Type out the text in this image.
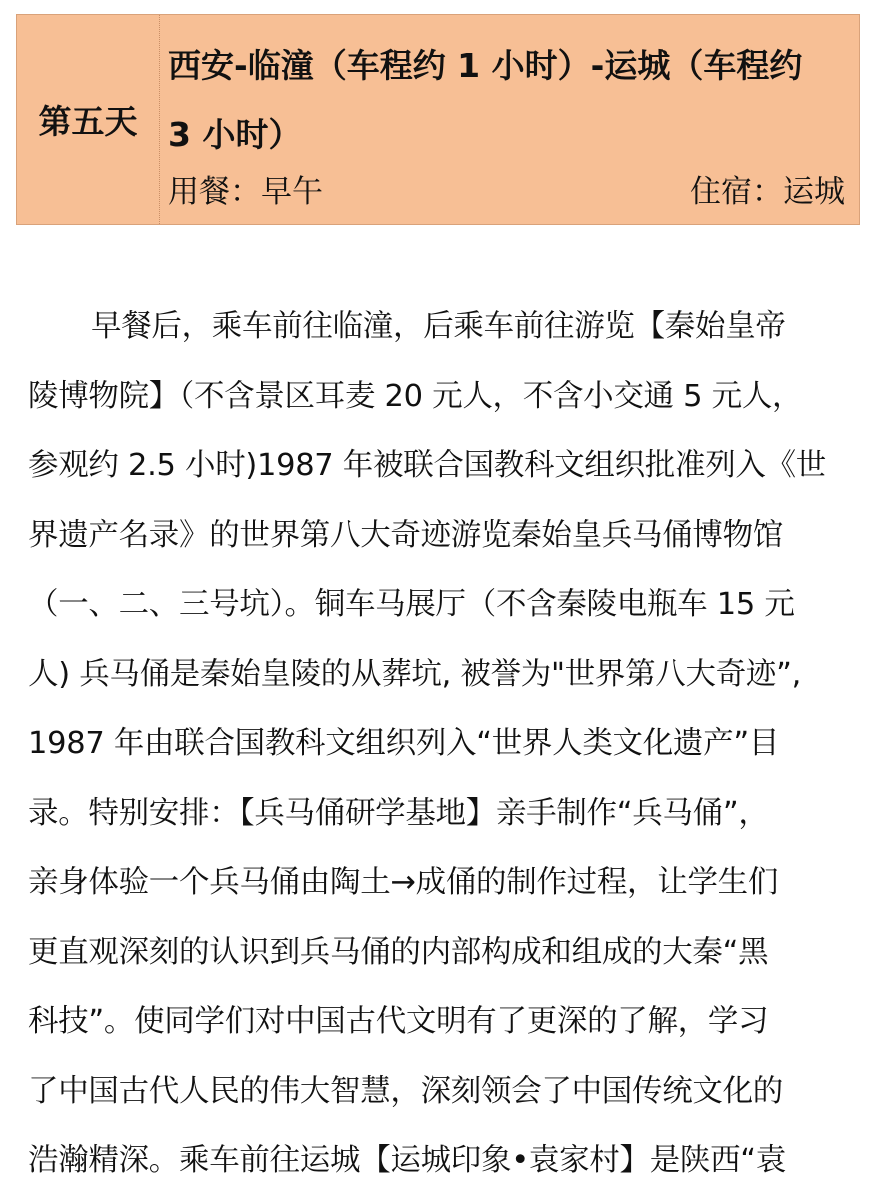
第五天
西安-临潼（车程约 1 小时）-运城（车程约
3 小时）
用餐：早午	住宿：运城
早餐后，乘车前往临潼，后乘车前往游览【秦始皇帝
陵博物院】（不含景区耳麦 20 元人，不含小交通 5 元人，
参观约 2.5 小时)1987 年被联合国教科文组织批准列入《世
界遗产名录》的世界第八大奇迹游览秦始皇兵马俑博物馆
（一、二、三号坑）。铜车马展厅（不含秦陵电瓶车 15 元
人) 兵马俑是秦始皇陵的从葬坑, 被誉为"世界第八大奇迹”,
1987 年由联合国教科文组织列入“世界人类文化遗产”目
录。特别安排：【兵马俑研学基地】亲手制作“兵马俑”，
亲身体验一个兵马俑由陶土→成俑的制作过程，让学生们
更直观深刻的认识到兵马俑的内部构成和组成的大秦“黑
科技”。使同学们对中国古代文明有了更深的了解，学习
了中国古代人民的伟大智慧，深刻领会了中国传统文化的
浩瀚精深。乘车前往运城【运城印象•袁家村】是陕西“袁
